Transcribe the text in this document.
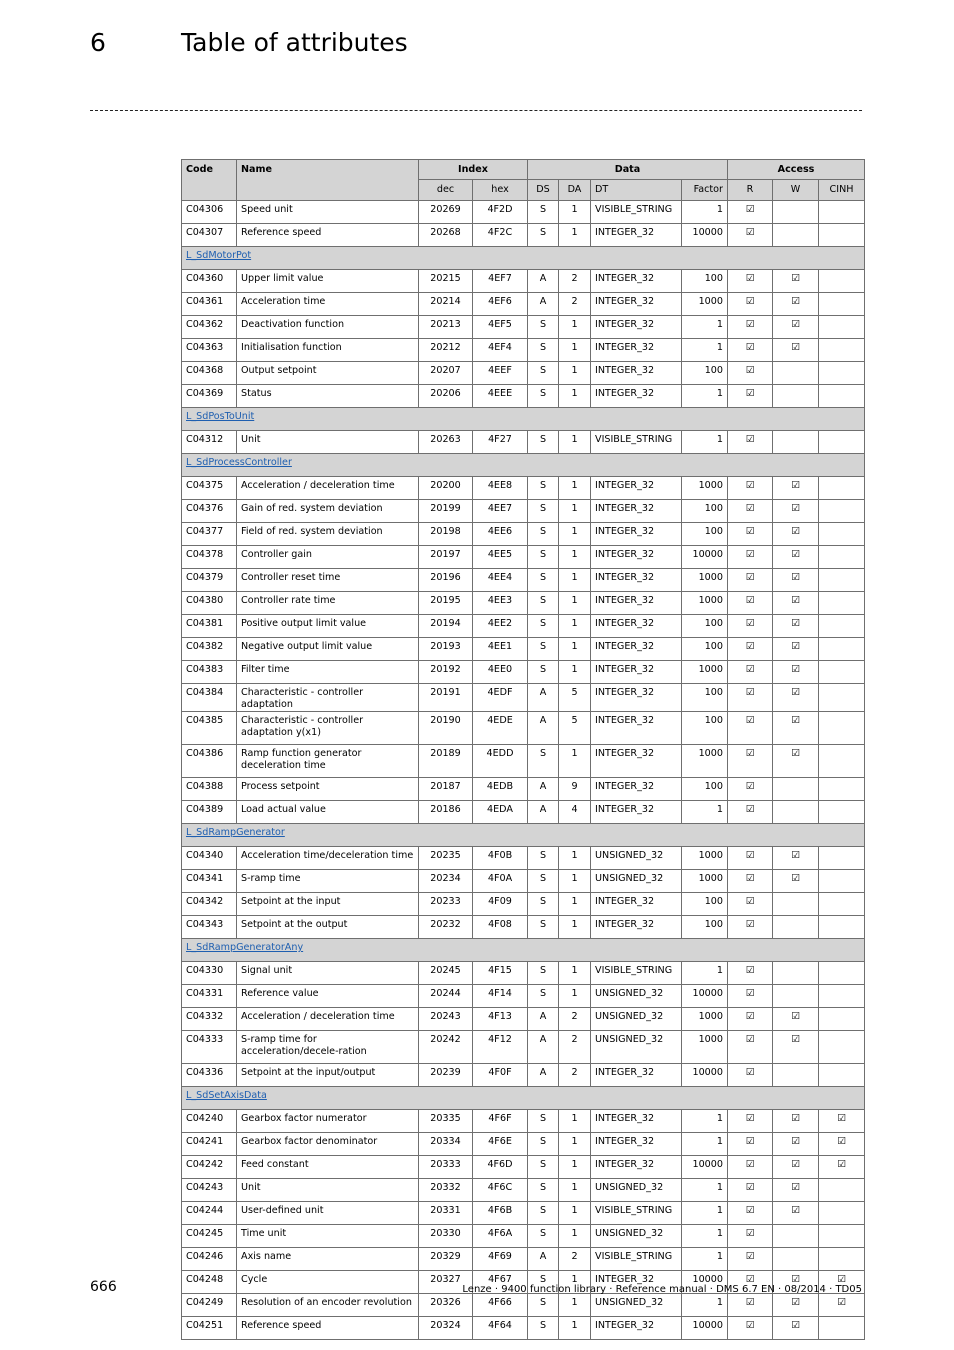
6	Table of attributes
Code	Name	Index		Data				Access		
		dec	hex	DS	DA	DT	Factor	R	W	CINH
C04306	Speed unit	20269	4F2D	S	1	VISIBLE_STRING	1	☑		
C04307	Reference speed	20268	4F2C	S	1	INTEGER_32	10000	☑		
L_SdMotorPot										
C04360	Upper limit value	20215	4EF7	A	2	INTEGER_32	100	☑	☑	
C04361	Acceleration time	20214	4EF6	A	2	INTEGER_32	1000	☑	☑	
C04362	Deactivation function	20213	4EF5	S	1	INTEGER_32	1	☑	☑	
C04363	Initialisation function	20212	4EF4	S	1	INTEGER_32	1	☑	☑	
C04368	Output setpoint	20207	4EEF	S	1	INTEGER_32	100	☑		
C04369	Status	20206	4EEE	S	1	INTEGER_32	1	☑		
L_SdPosToUnit										
C04312	Unit	20263	4F27	S	1	VISIBLE_STRING	1	☑		
L_SdProcessController										
C04375	Acceleration / deceleration time	20200	4EE8	S	1	INTEGER_32	1000	☑	☑	
C04376	Gain of red. system deviation	20199	4EE7	S	1	INTEGER_32	100	☑	☑	
C04377	Field of red. system deviation	20198	4EE6	S	1	INTEGER_32	100	☑	☑	
C04378	Controller gain	20197	4EE5	S	1	INTEGER_32	10000	☑	☑	
C04379	Controller reset time	20196	4EE4	S	1	INTEGER_32	1000	☑	☑	
C04380	Controller rate time	20195	4EE3	S	1	INTEGER_32	1000	☑	☑	
C04381	Positive output limit value	20194	4EE2	S	1	INTEGER_32	100	☑	☑	
C04382	Negative output limit value	20193	4EE1	S	1	INTEGER_32	100	☑	☑	
C04383	Filter time	20192	4EE0	S	1	INTEGER_32	1000	☑	☑	
C04384	Characteristic - controller adaptation	20191	4EDF	A	5	INTEGER_32	100	☑	☑	
C04385	Characteristic - controller adaptation y(x1)	20190	4EDE	A	5	INTEGER_32	100	☑	☑	
C04386	Ramp function generator deceleration time	20189	4EDD	S	1	INTEGER_32	1000	☑	☑	
C04388	Process setpoint	20187	4EDB	A	9	INTEGER_32	100	☑		
C04389	Load actual value	20186	4EDA	A	4	INTEGER_32	1	☑		
L_SdRampGenerator										
C04340	Acceleration time/deceleration time	20235	4F0B	S	1	UNSIGNED_32	1000	☑	☑	
C04341	S-ramp time	20234	4F0A	S	1	UNSIGNED_32	1000	☑	☑	
C04342	Setpoint at the input	20233	4F09	S	1	INTEGER_32	100	☑		
C04343	Setpoint at the output	20232	4F08	S	1	INTEGER_32	100	☑		
L_SdRampGeneratorAny										
C04330	Signal unit	20245	4F15	S	1	VISIBLE_STRING	1	☑		
C04331	Reference value	20244	4F14	S	1	UNSIGNED_32	10000	☑		
C04332	Acceleration / deceleration time	20243	4F13	A	2	UNSIGNED_32	1000	☑	☑	
C04333	S-ramp time for acceleration/decele-ration	20242	4F12	A	2	UNSIGNED_32	1000	☑	☑	
C04336	Setpoint at the input/output	20239	4F0F	A	2	INTEGER_32	10000	☑		
L_SdSetAxisData										
C04240	Gearbox factor numerator	20335	4F6F	S	1	INTEGER_32	1	☑	☑	☑
C04241	Gearbox factor denominator	20334	4F6E	S	1	INTEGER_32	1	☑	☑	☑
C04242	Feed constant	20333	4F6D	S	1	INTEGER_32	10000	☑	☑	☑
C04243	Unit	20332	4F6C	S	1	UNSIGNED_32	1	☑	☑	
C04244	User-defined unit	20331	4F6B	S	1	VISIBLE_STRING	1	☑	☑	
C04245	Time unit	20330	4F6A	S	1	UNSIGNED_32	1	☑		
C04246	Axis name	20329	4F69	A	2	VISIBLE_STRING	1	☑		
C04248	Cycle	20327	4F67	S	1	INTEGER_32	10000	☑	☑	☑
C04249	Resolution of an encoder revolution	20326	4F66	S	1	UNSIGNED_32	1	☑	☑	☑
C04251	Reference speed	20324	4F64	S	1	INTEGER_32	10000	☑	☑	
666	Lenze · 9400 function library · Reference manual · DMS 6.7 EN · 08/2014 · TD05
